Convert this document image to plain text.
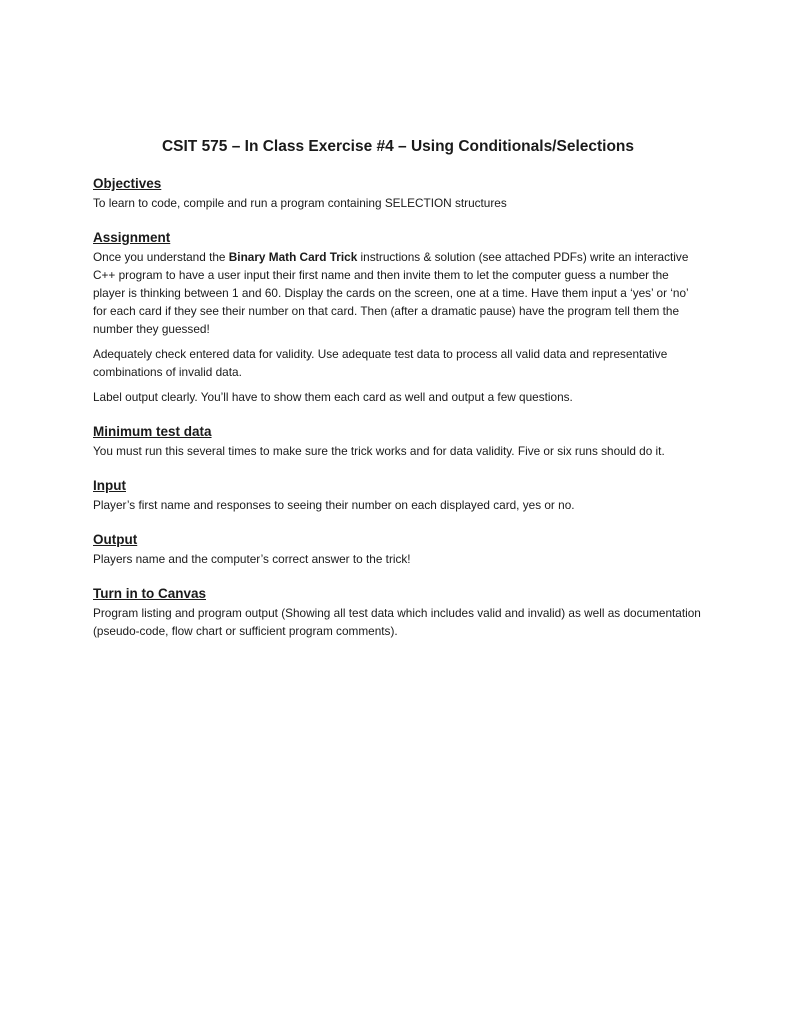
CSIT 575 – In Class Exercise #4 – Using Conditionals/Selections
Objectives

To learn to code, compile and run a program containing SELECTION structures

Assignment

Once you understand the Binary Math Card Trick instructions & solution (see attached PDFs) write an interactive C++ program to have a user input their first name and then invite them to let the computer guess a number the player is thinking between 1 and 60. Display the cards on the screen, one at a time. Have them input a ‘yes’ or ‘no’ for each card if they see their number on that card. Then (after a dramatic pause) have the program tell them the number they guessed!

Adequately check entered data for validity. Use adequate test data to process all valid data and representative combinations of invalid data.

Label output clearly. You’ll have to show them each card as well and output a few questions.

Minimum test data

You must run this several times to make sure the trick works and for data validity. Five or six runs should do it.

Input

Player’s first name and responses to seeing their number on each displayed card, yes or no.

Output

Players name and the computer’s correct answer to the trick!

Turn in to Canvas

Program listing and program output (Showing all test data which includes valid and invalid) as well as documentation (pseudo-code, flow chart or sufficient program comments).
